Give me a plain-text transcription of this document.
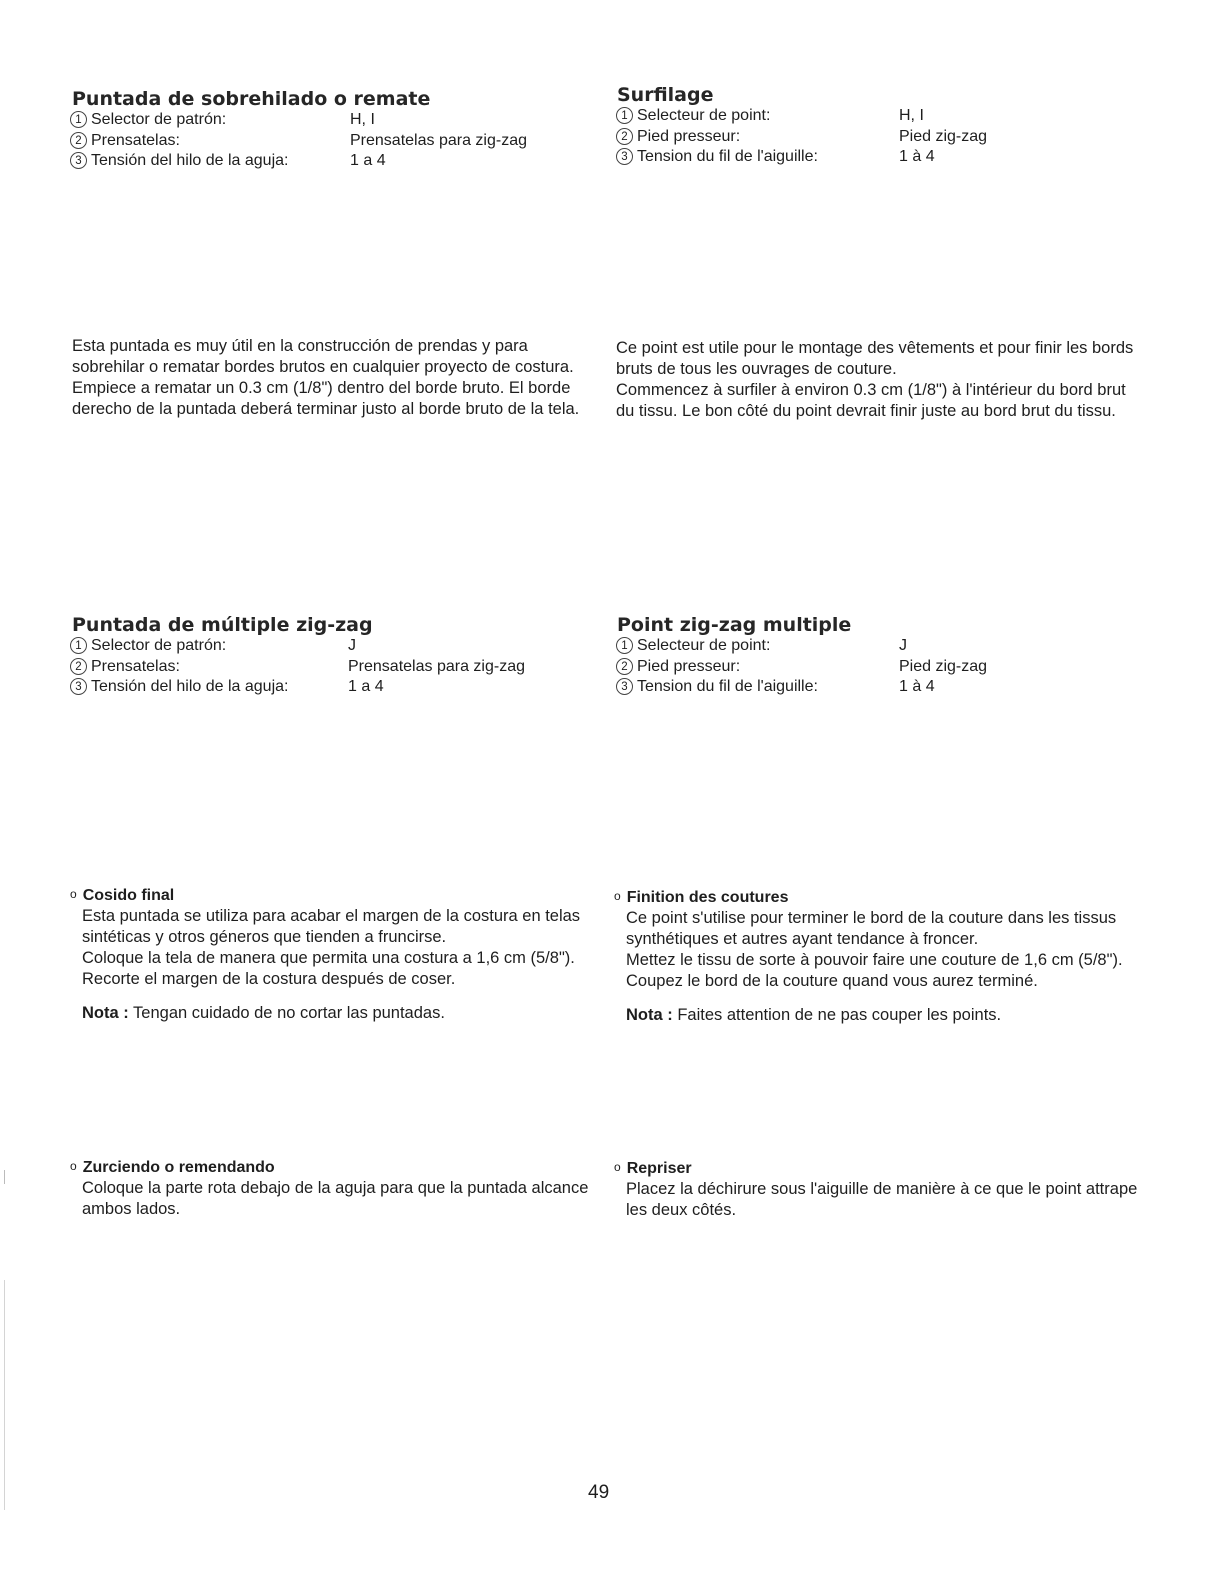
Puntada de sobrehilado o remate
1 Selector de patrón:	H, I
2 Prensatelas:	Prensatelas para zig-zag
3 Tensión del hilo de la aguja:	1 a 4

Esta puntada es muy útil en la construcción de prendas y para sobrehilar o rematar bordes brutos en cualquier proyecto de costura.

Empiece a rematar un 0.3 cm (1/8") dentro del borde bruto. El borde derecho de la puntada deberá terminar justo al borde bruto de la tela.

Surfilage
1 Selecteur de point:	H, I
2 Pied presseur:	Pied zig-zag
3 Tension du fil de l'aiguille:	1 à 4

Ce point est utile pour le montage des vêtements et pour finir les bords bruts de tous les ouvrages de couture.

Commencez à surfiler à environ 0.3 cm (1/8") à l'intérieur du bord brut du tissu. Le bon côté du point devrait finir juste au bord brut du tissu.

Puntada de múltiple zig-zag
1 Selector de patrón:	J
2 Prensatelas:	Prensatelas para zig-zag
3 Tensión del hilo de la aguja:	1 a 4
o Cosido final

Esta puntada se utiliza para acabar el margen de la costura en telas sintéticas y otros géneros que tienden a fruncirse.

Coloque la tela de manera que permita una costura a 1,6 cm (5/8").

Recorte el margen de la costura después de coser.

Nota : Tengan cuidado de no cortar las puntadas.

o Zurciendo o remendando

Coloque la parte rota debajo de la aguja para que la puntada alcance ambos lados.

Point zig-zag multiple
1 Selecteur de point:	J
2 Pied presseur:	Pied zig-zag
3 Tension du fil de l'aiguille:	1 à 4
o Finition des coutures

Ce point s'utilise pour terminer le bord de la couture dans les tissus synthétiques et autres ayant tendance à froncer.

Mettez le tissu de sorte à pouvoir faire une couture de 1,6 cm (5/8").

Coupez le bord de la couture quand vous aurez terminé.

Nota : Faites attention de ne pas couper les points.

o Repriser

Placez la déchirure sous l'aiguille de manière à ce que le point attrape les deux côtés.

49
